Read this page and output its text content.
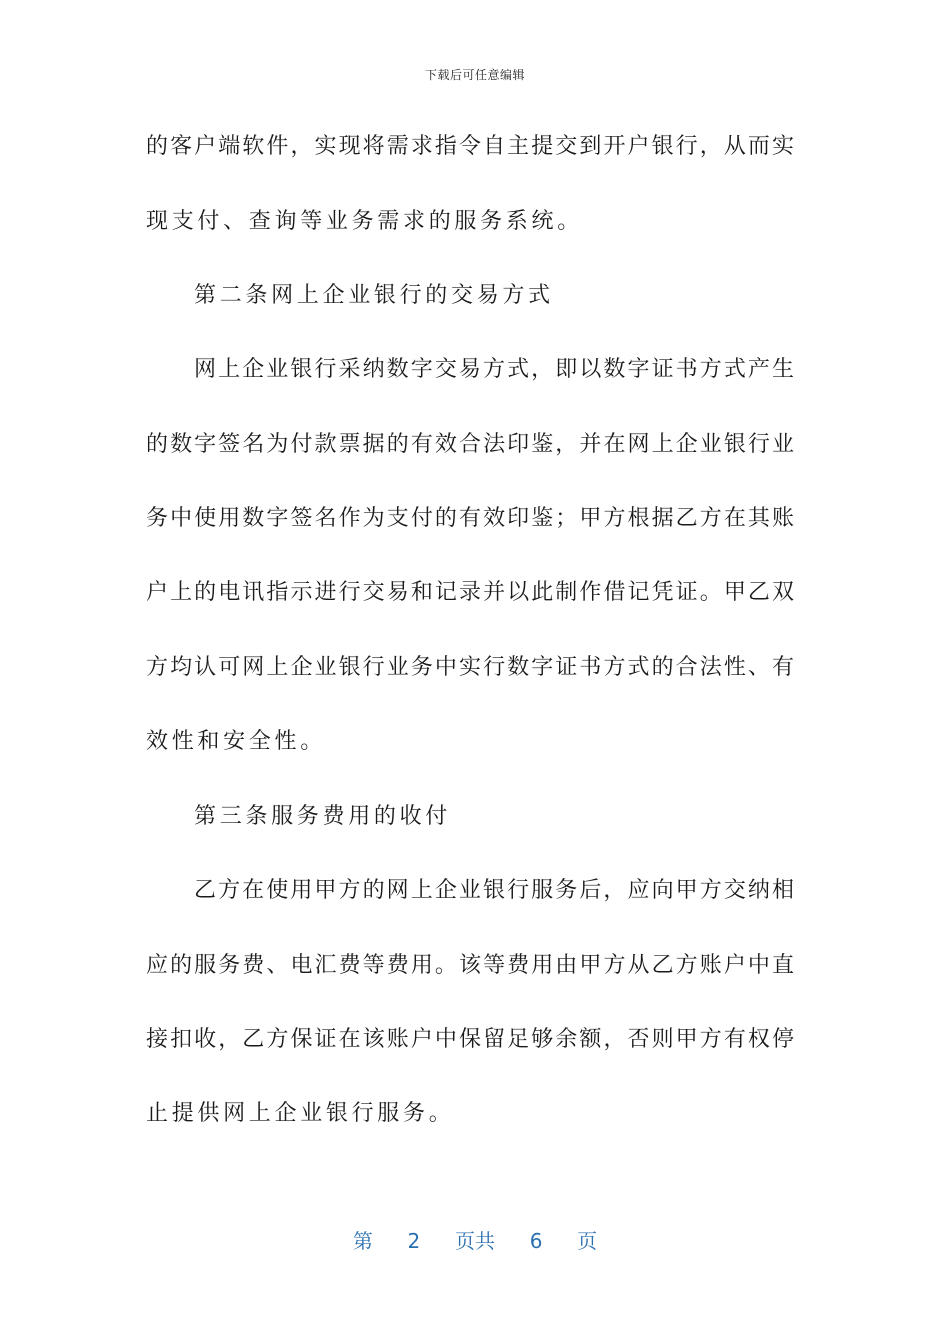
下载后可任意编辑
的客户端软件，实现将需求指令自主提交到开户银行，从而实
现支付、查询等业务需求的服务系统。
第二条网上企业银行的交易方式
网上企业银行采纳数字交易方式，即以数字证书方式产生
的数字签名为付款票据的有效合法印鉴，并在网上企业银行业
务中使用数字签名作为支付的有效印鉴；甲方根据乙方在其账
户上的电讯指示进行交易和记录并以此制作借记凭证。甲乙双
方均认可网上企业银行业务中实行数字证书方式的合法性、有
效性和安全性。
第三条服务费用的收付
乙方在使用甲方的网上企业银行服务后，应向甲方交纳相
应的服务费、电汇费等费用。该等费用由甲方从乙方账户中直
接扣收，乙方保证在该账户中保留足够余额，否则甲方有权停
止提供网上企业银行服务。
第 2 页共 6 页
